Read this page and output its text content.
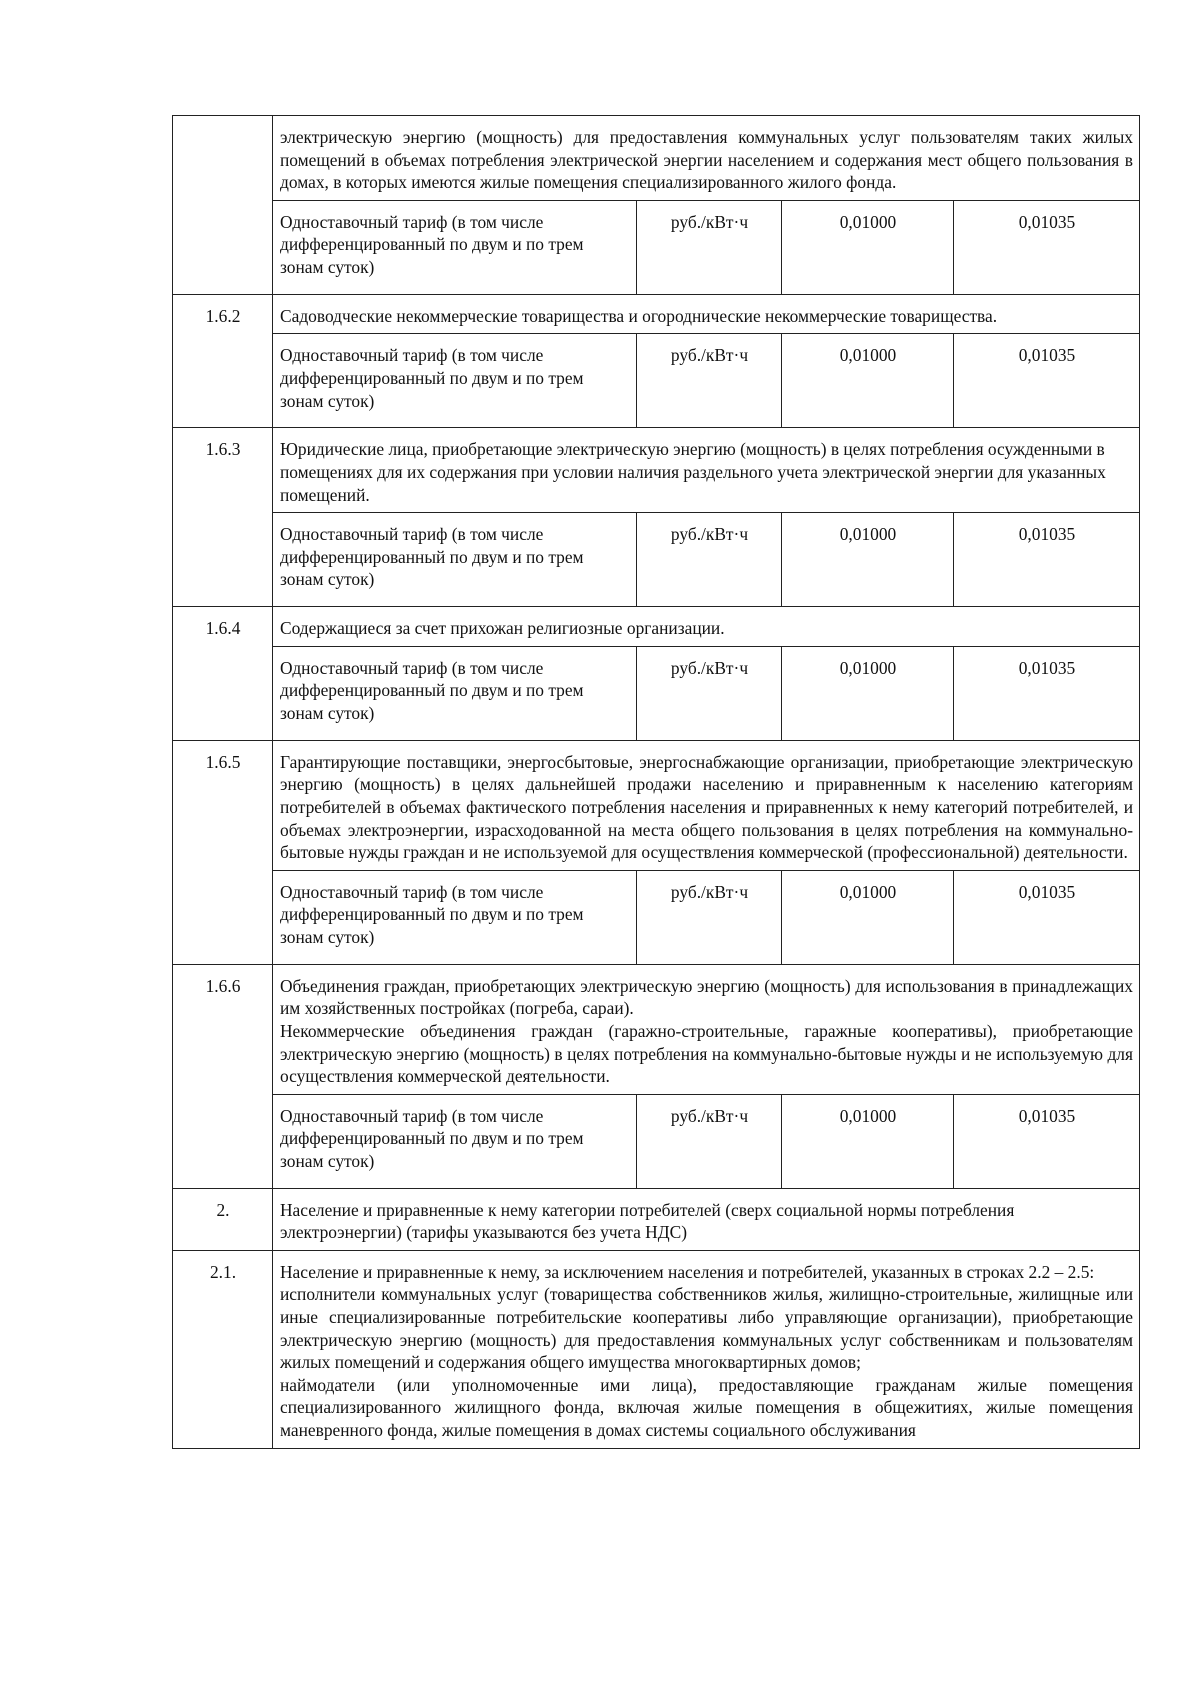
	электрическую энергию (мощность) для предоставления коммунальных услуг пользователям таких жилых помещений в объемах потребления электрической энергии населением и содержания мест общего пользования в домах, в которых имеются жилые помещения специализированного жилого фонда.			
	Одноставочный тариф (в том числе дифференцированный по двум и по трем зонам суток)	руб./кВт·ч	0,01000	0,01035
1.6.2	Садоводческие некоммерческие товарищества и огороднические некоммерческие товарищества.			
	Одноставочный тариф (в том числе дифференцированный по двум и по трем зонам суток)	руб./кВт·ч	0,01000	0,01035
1.6.3	Юридические лица, приобретающие электрическую энергию (мощность) в целях потребления осужденными в помещениях для их содержания при условии наличия раздельного учета электрической энергии для указанных помещений.			
	Одноставочный тариф (в том числе дифференцированный по двум и по трем зонам суток)	руб./кВт·ч	0,01000	0,01035
1.6.4	Содержащиеся за счет прихожан религиозные организации.			
	Одноставочный тариф (в том числе дифференцированный по двум и по трем зонам суток)	руб./кВт·ч	0,01000	0,01035
1.6.5	Гарантирующие поставщики, энергосбытовые, энергоснабжающие организации, приобретающие электрическую энергию (мощность) в целях дальнейшей продажи населению и приравненным к населению категориям потребителей в объемах фактического потребления населения и приравненных к нему категорий потребителей, и объемах электроэнергии, израсходованной на места общего пользования в целях потребления на коммунально-бытовые нужды граждан и не используемой для осуществления коммерческой (профессиональной) деятельности.			
	Одноставочный тариф (в том числе дифференцированный по двум и по трем зонам суток)	руб./кВт·ч	0,01000	0,01035
1.6.6	Объединения граждан, приобретающих электрическую энергию (мощность) для использования в принадлежащих им хозяйственных постройках (погреба, сараи).
Некоммерческие объединения граждан (гаражно-строительные, гаражные кооперативы), приобретающие электрическую энергию (мощность) в целях потребления на коммунально-бытовые нужды и не используемую для осуществления коммерческой деятельности.			

	Одноставочный тариф (в том числе дифференцированный по двум и по трем зонам суток)	руб./кВт·ч	0,01000	0,01035
2.	Население и приравненные к нему категории потребителей (сверх социальной нормы потребления электроэнергии) (тарифы указываются без учета НДС)			
2.1.	Население и приравненные к нему, за исключением населения и потребителей, указанных в строках 2.2 – 2.5:
исполнители коммунальных услуг (товарищества собственников жилья, жилищно-строительные, жилищные или иные специализированные потребительские кооперативы либо управляющие организации), приобретающие электрическую энергию (мощность) для предоставления коммунальных услуг собственникам и пользователям жилых помещений и содержания общего имущества многоквартирных домов;
наймодатели (или уполномоченные ими лица), предоставляющие гражданам жилые помещения специализированного жилищного фонда, включая жилые помещения в общежитиях, жилые помещения маневренного фонда, жилые помещения в домах системы социального обслуживания			
